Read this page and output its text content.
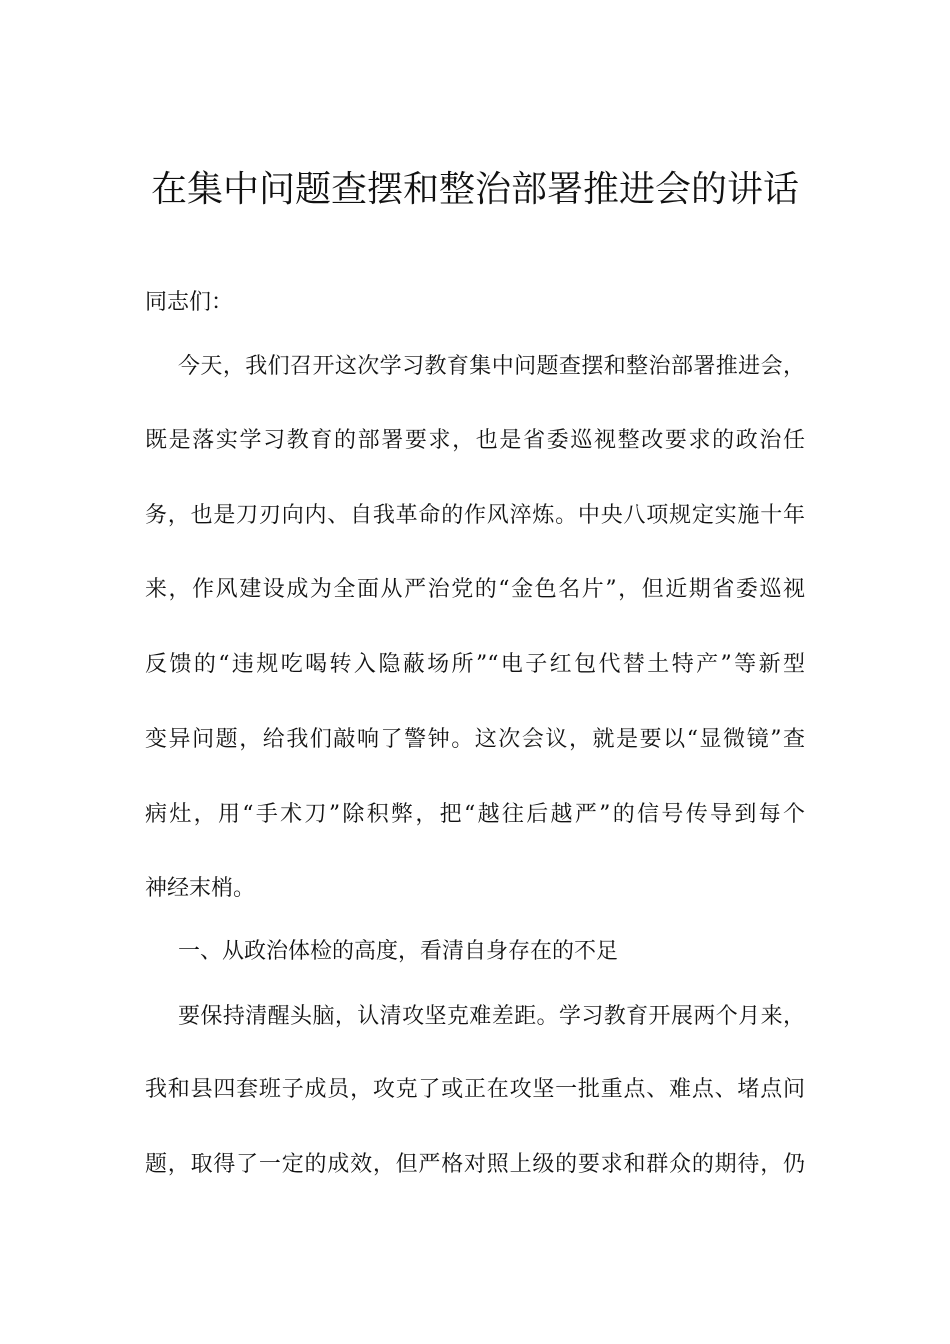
在集中问题查摆和整治部署推进会的讲话
同志们：
今天，我们召开这次学习教育集中问题查摆和整治部署推进会，
既是落实学习教育的部署要求，也是省委巡视整改要求的政治任
务，也是刀刃向内、自我革命的作风淬炼。中央八项规定实施十年
来，作风建设成为全面从严治党的“金色名片”，但近期省委巡视
反馈的“违规吃喝转入隐蔽场所”“电子红包代替土特产”等新型
变异问题，给我们敲响了警钟。这次会议，就是要以“显微镜”查
病灶，用“手术刀”除积弊，把“越往后越严”的信号传导到每个
神经末梢。
一、从政治体检的高度，看清自身存在的不足
要保持清醒头脑，认清攻坚克难差距。学习教育开展两个月来，
我和县四套班子成员，攻克了或正在攻坚一批重点、难点、堵点问
题，取得了一定的成效，但严格对照上级的要求和群众的期待，仍
